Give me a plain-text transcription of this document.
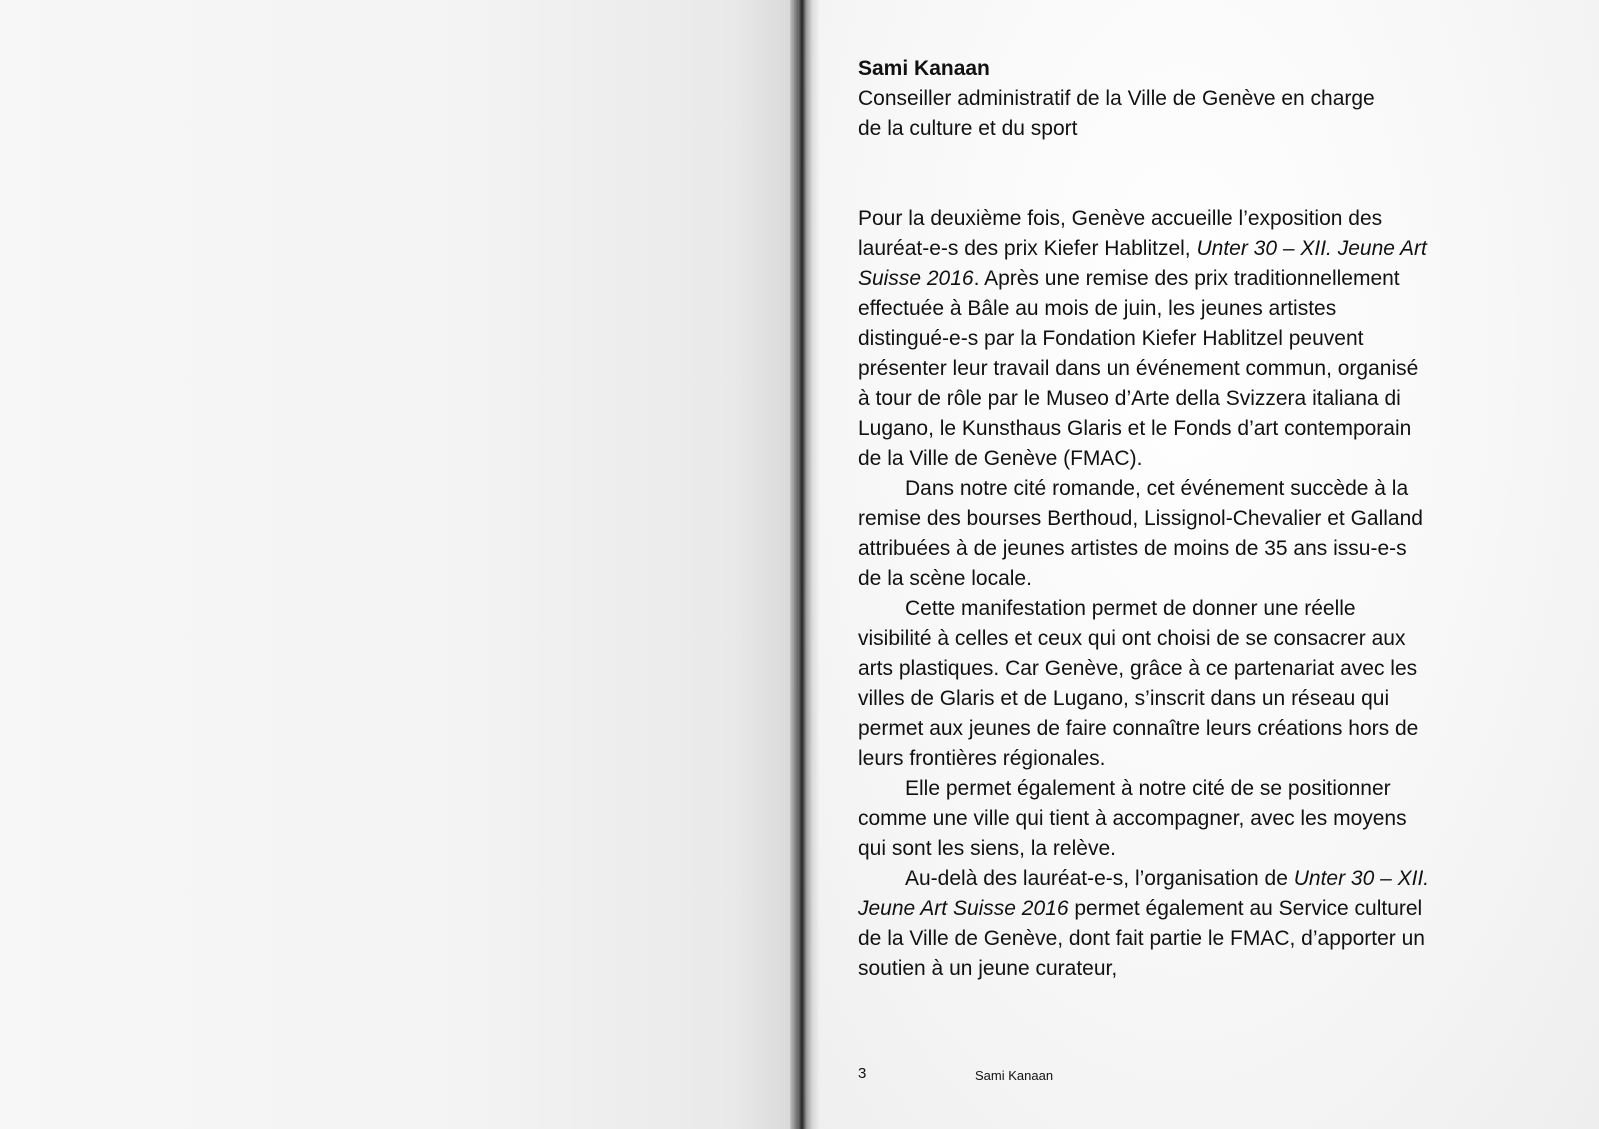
Sami Kanaan

Conseiller administratif de la Ville de Genève en charge
de la culture et du sport

Pour la deuxième fois, Genève accueille l’exposition des lauréat-e-s des prix Kiefer Hablitzel, Unter 30 – XII. Jeune Art Suisse 2016. Après une remise des prix traditionnellement effectuée à Bâle au mois de juin, les jeunes artistes distingué-e-s par la Fondation Kiefer Hablitzel peuvent présenter leur travail dans un événement commun, organisé à tour de rôle par le Museo d’Arte della Svizzera italiana di Lugano, le Kunsthaus Glaris et le Fonds d’art contemporain de la Ville de Genève (FMAC).

Dans notre cité romande, cet événement succède à la remise des bourses Berthoud, Lissignol-Chevalier et Galland attribuées à de jeunes artistes de moins de 35 ans issu-e-s de la scène locale.

Cette manifestation permet de donner une réelle visibilité à celles et ceux qui ont choisi de se consacrer aux arts plastiques. Car Genève, grâce à ce partenariat avec les villes de Glaris et de Lugano, s’inscrit dans un réseau qui permet aux jeunes de faire connaître leurs créations hors de leurs frontières régionales.

Elle permet également à notre cité de se positionner comme une ville qui tient à accompagner, avec les moyens qui sont les siens, la relève.

Au-delà des lauréat-e-s, l’organisation de Unter 30 – XII. Jeune Art Suisse 2016 permet également au Service culturel de la Ville de Genève, dont fait partie le FMAC, d’apporter un soutien à un jeune curateur,

3	Sami Kanaan
